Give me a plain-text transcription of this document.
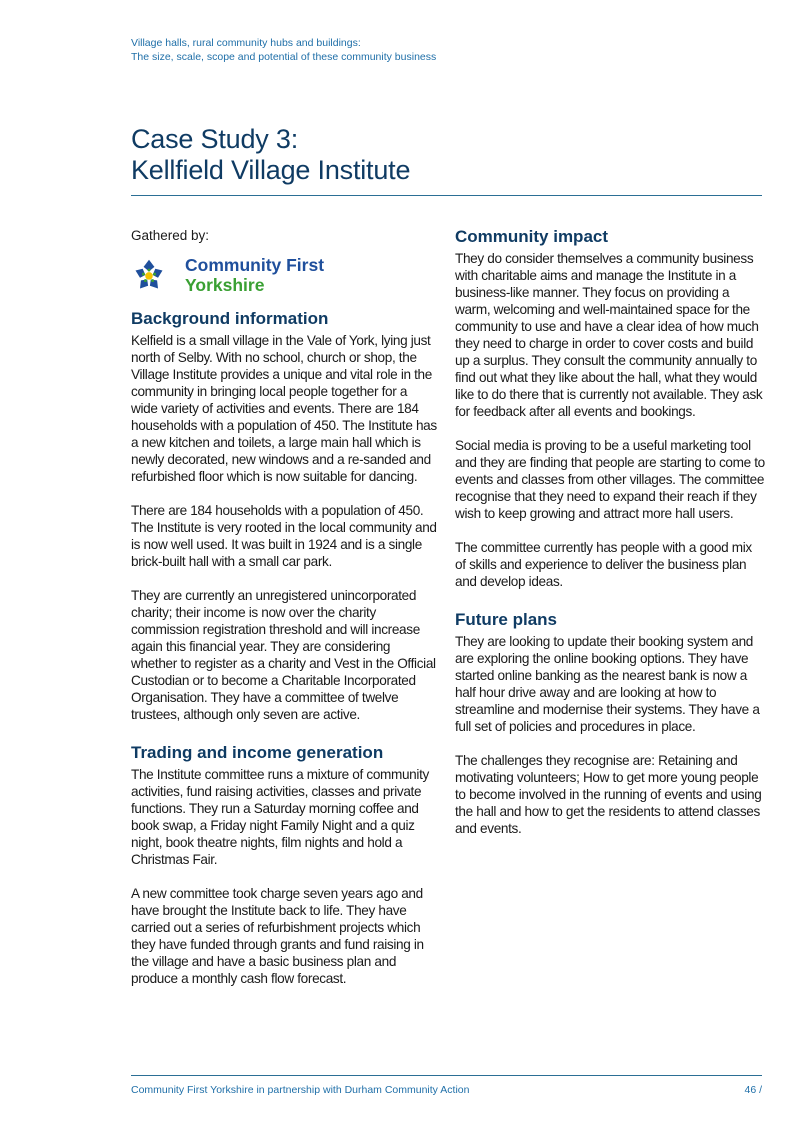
Village halls, rural community hubs and buildings:
The size, scale, scope and potential of these community business
Case Study 3:
Kellfield Village Institute

Gathered by:

Community First
Yorkshire
Background information

Kelfield is a small village in the Vale of York, lying just north of Selby. With no school, church or shop, the Village Institute provides a unique and vital role in the community in bringing local people together for a wide variety of activities and events. There are 184 households with a population of 450. The Institute has a new kitchen and toilets, a large main hall which is newly decorated, new windows and a re-sanded and refurbished floor which is now suitable for dancing.

There are 184 households with a population of 450. The Institute is very rooted in the local community and is now well used. It was built in 1924 and is a single brick-built hall with a small car park.

They are currently an unregistered unincorporated charity; their income is now over the charity commission registration threshold and will increase again this financial year. They are considering whether to register as a charity and Vest in the Official Custodian or to become a Charitable Incorporated Organisation. They have a committee of twelve trustees, although only seven are active.

Trading and income generation

The Institute committee runs a mixture of community activities, fund raising activities, classes and private functions. They run a Saturday morning coffee and book swap, a Friday night Family Night and a quiz night, book theatre nights, film nights and hold a Christmas Fair.

A new committee took charge seven years ago and have brought the Institute back to life. They have carried out a series of refurbishment projects which they have funded through grants and fund raising in the village and have a basic business plan and produce a monthly cash flow forecast.

Community impact

They do consider themselves a community business with charitable aims and manage the Institute in a business-like manner. They focus on providing a warm, welcoming and well-maintained space for the community to use and have a clear idea of how much they need to charge in order to cover costs and build up a surplus. They consult the community annually to find out what they like about the hall, what they would like to do there that is currently not available. They ask for feedback after all events and bookings.

Social media is proving to be a useful marketing tool and they are finding that people are starting to come to events and classes from other villages. The committee recognise that they need to expand their reach if they wish to keep growing and attract more hall users.

The committee currently has people with a good mix of skills and experience to deliver the business plan and develop ideas.

Future plans

They are looking to update their booking system and are exploring the online booking options. They have started online banking as the nearest bank is now a half hour drive away and are looking at how to streamline and modernise their systems. They have a full set of policies and procedures in place.

The challenges they recognise are: Retaining and motivating volunteers; How to get more young people to become involved in the running of events and using the hall and how to get the residents to attend classes and events.

Community First Yorkshire in partnership with Durham Community Action	46 /
